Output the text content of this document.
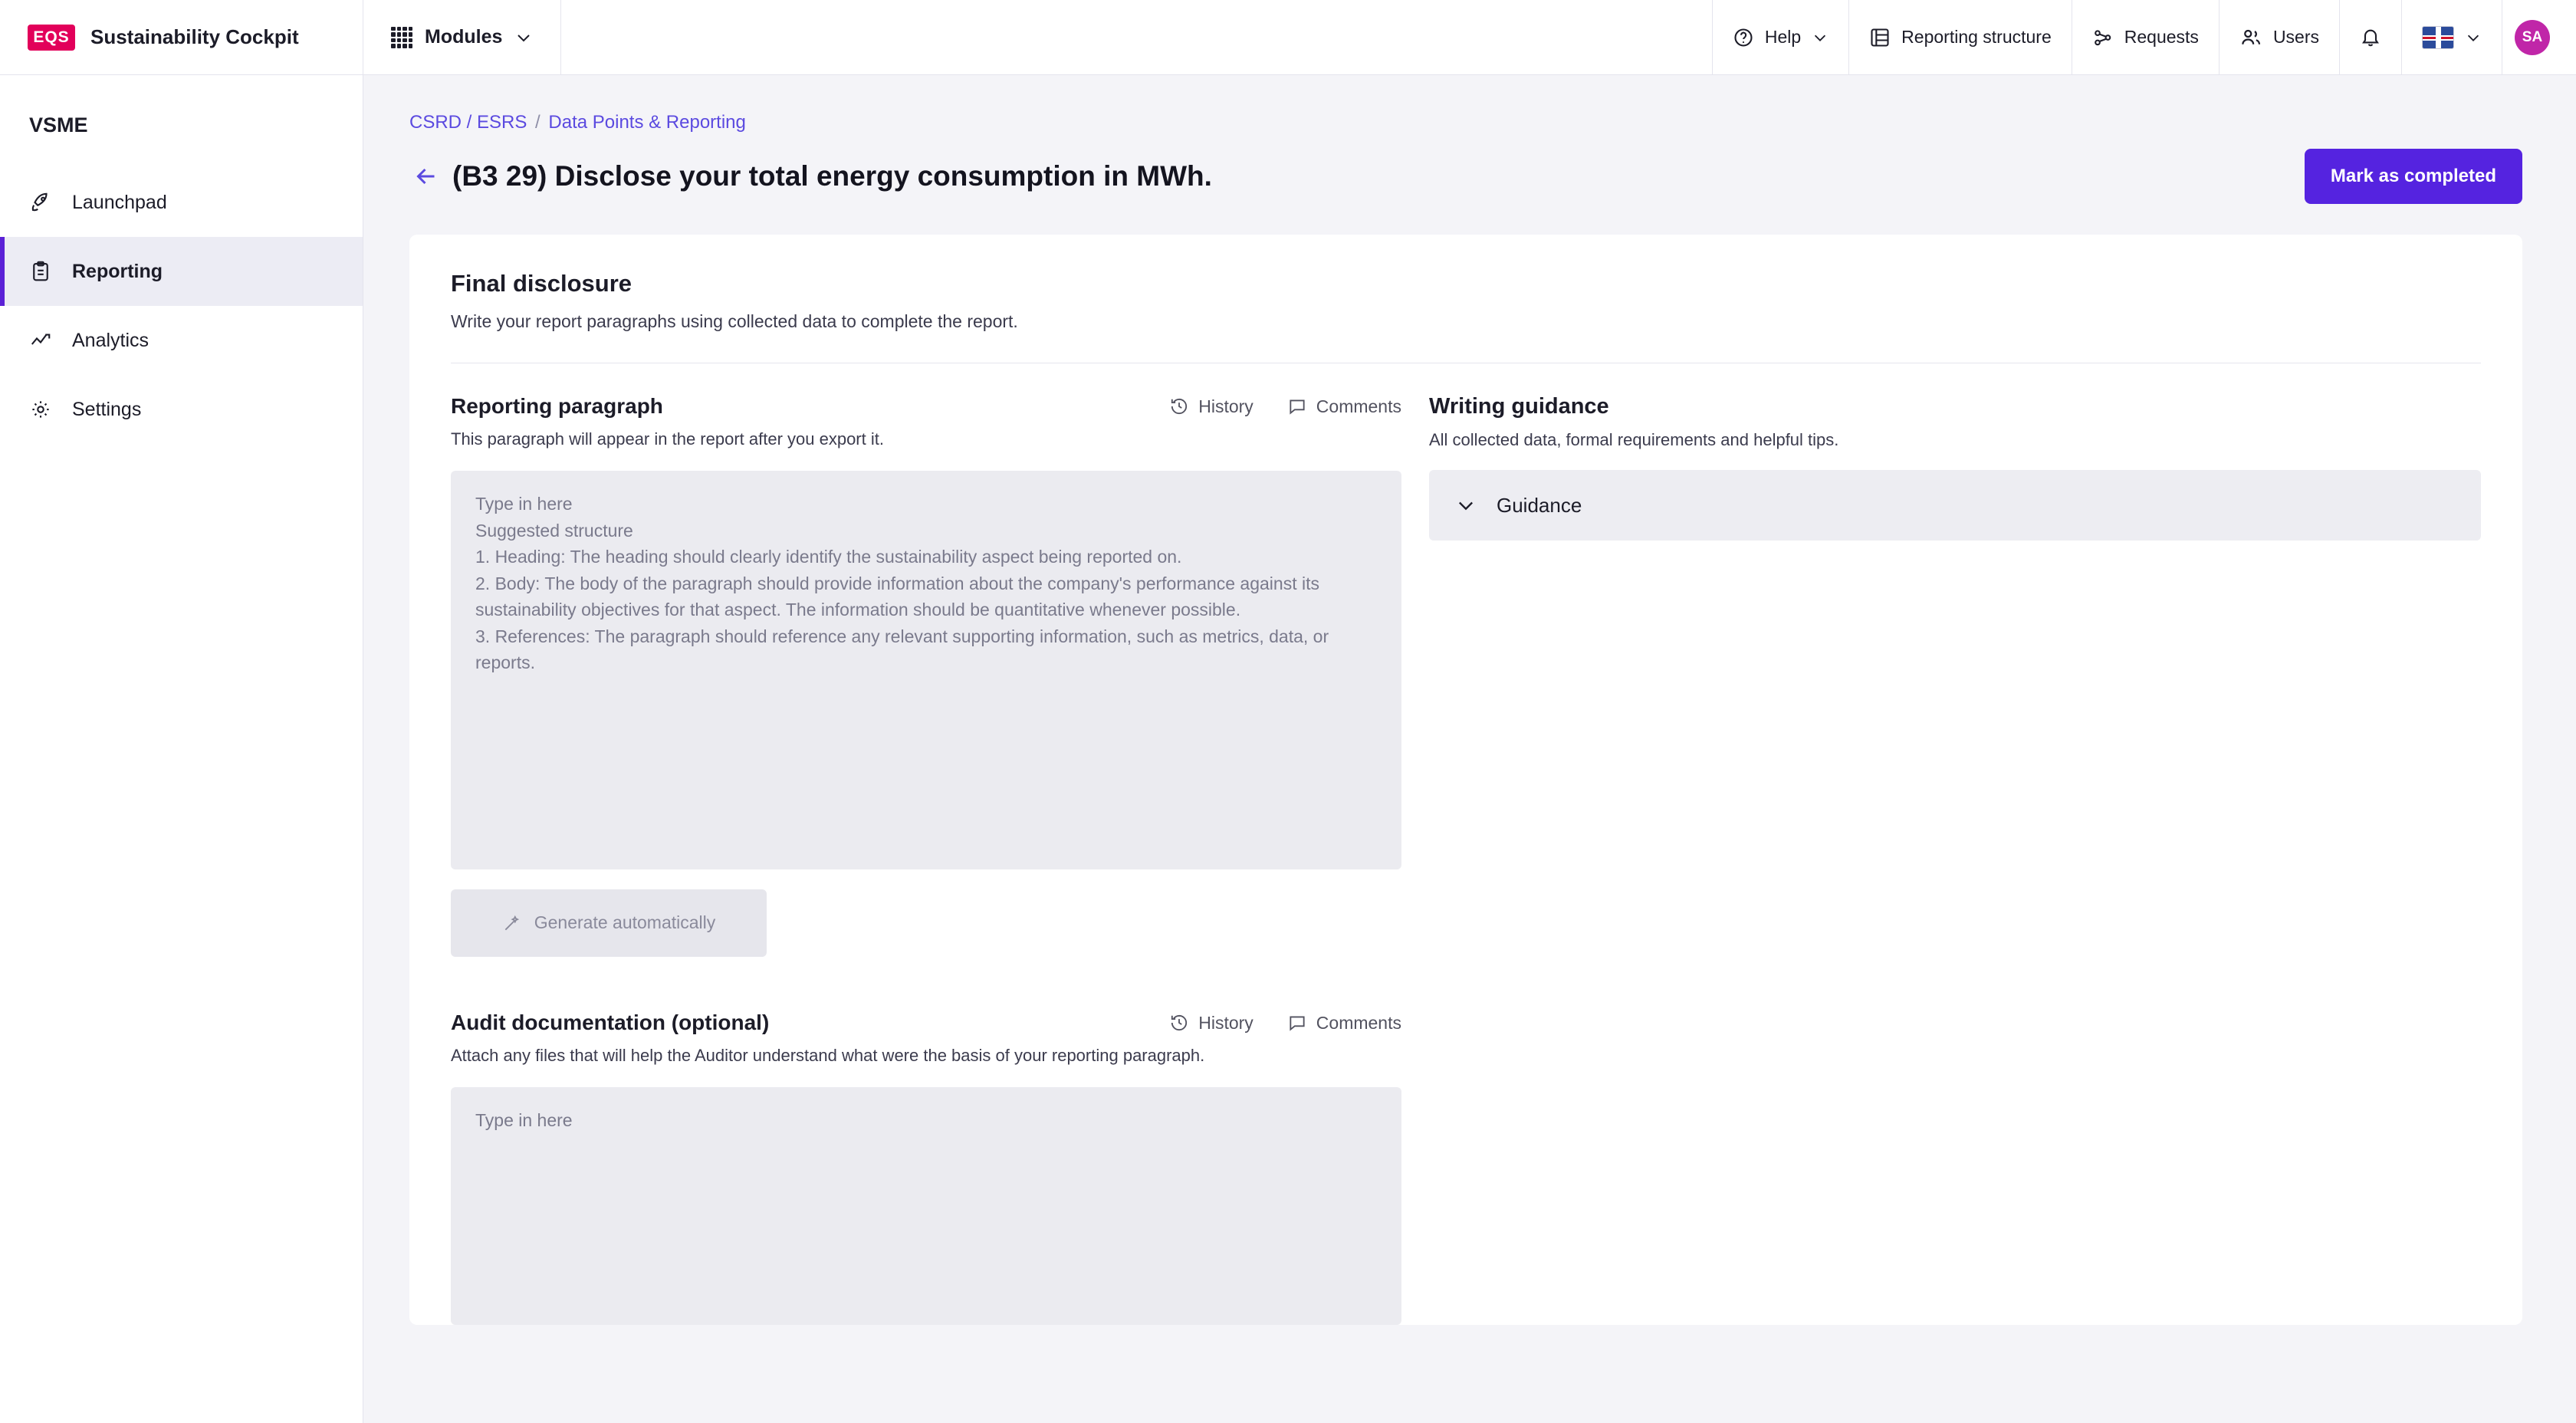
EQS Sustainability Cockpit	Modules	Help	Reporting structure	Requests	Users	SA
VSME
Launchpad
Reporting
Analytics
Settings
CSRD / ESRS / Data Points & Reporting
(B3 29) Disclose your total energy consumption in MWh.	Mark as completed
Final disclosure
Write your report paragraphs using collected data to complete the report.
Reporting paragraph	History	Comments
This paragraph will appear in the report after you export it.

Type in here

Suggested structure

1. Heading: The heading should clearly identify the sustainability aspect being reported on.

2. Body: The body of the paragraph should provide information about the company's performance against its sustainability objectives for that aspect. The information should be quantitative whenever possible.

3. References: The paragraph should reference any relevant supporting information, such as metrics, data, or reports.

Generate automatically
Audit documentation (optional)	History	Comments
Attach any files that will help the Auditor understand what were the basis of your reporting paragraph.

Type in here

Writing guidance
All collected data, formal requirements and helpful tips.
Guidance
